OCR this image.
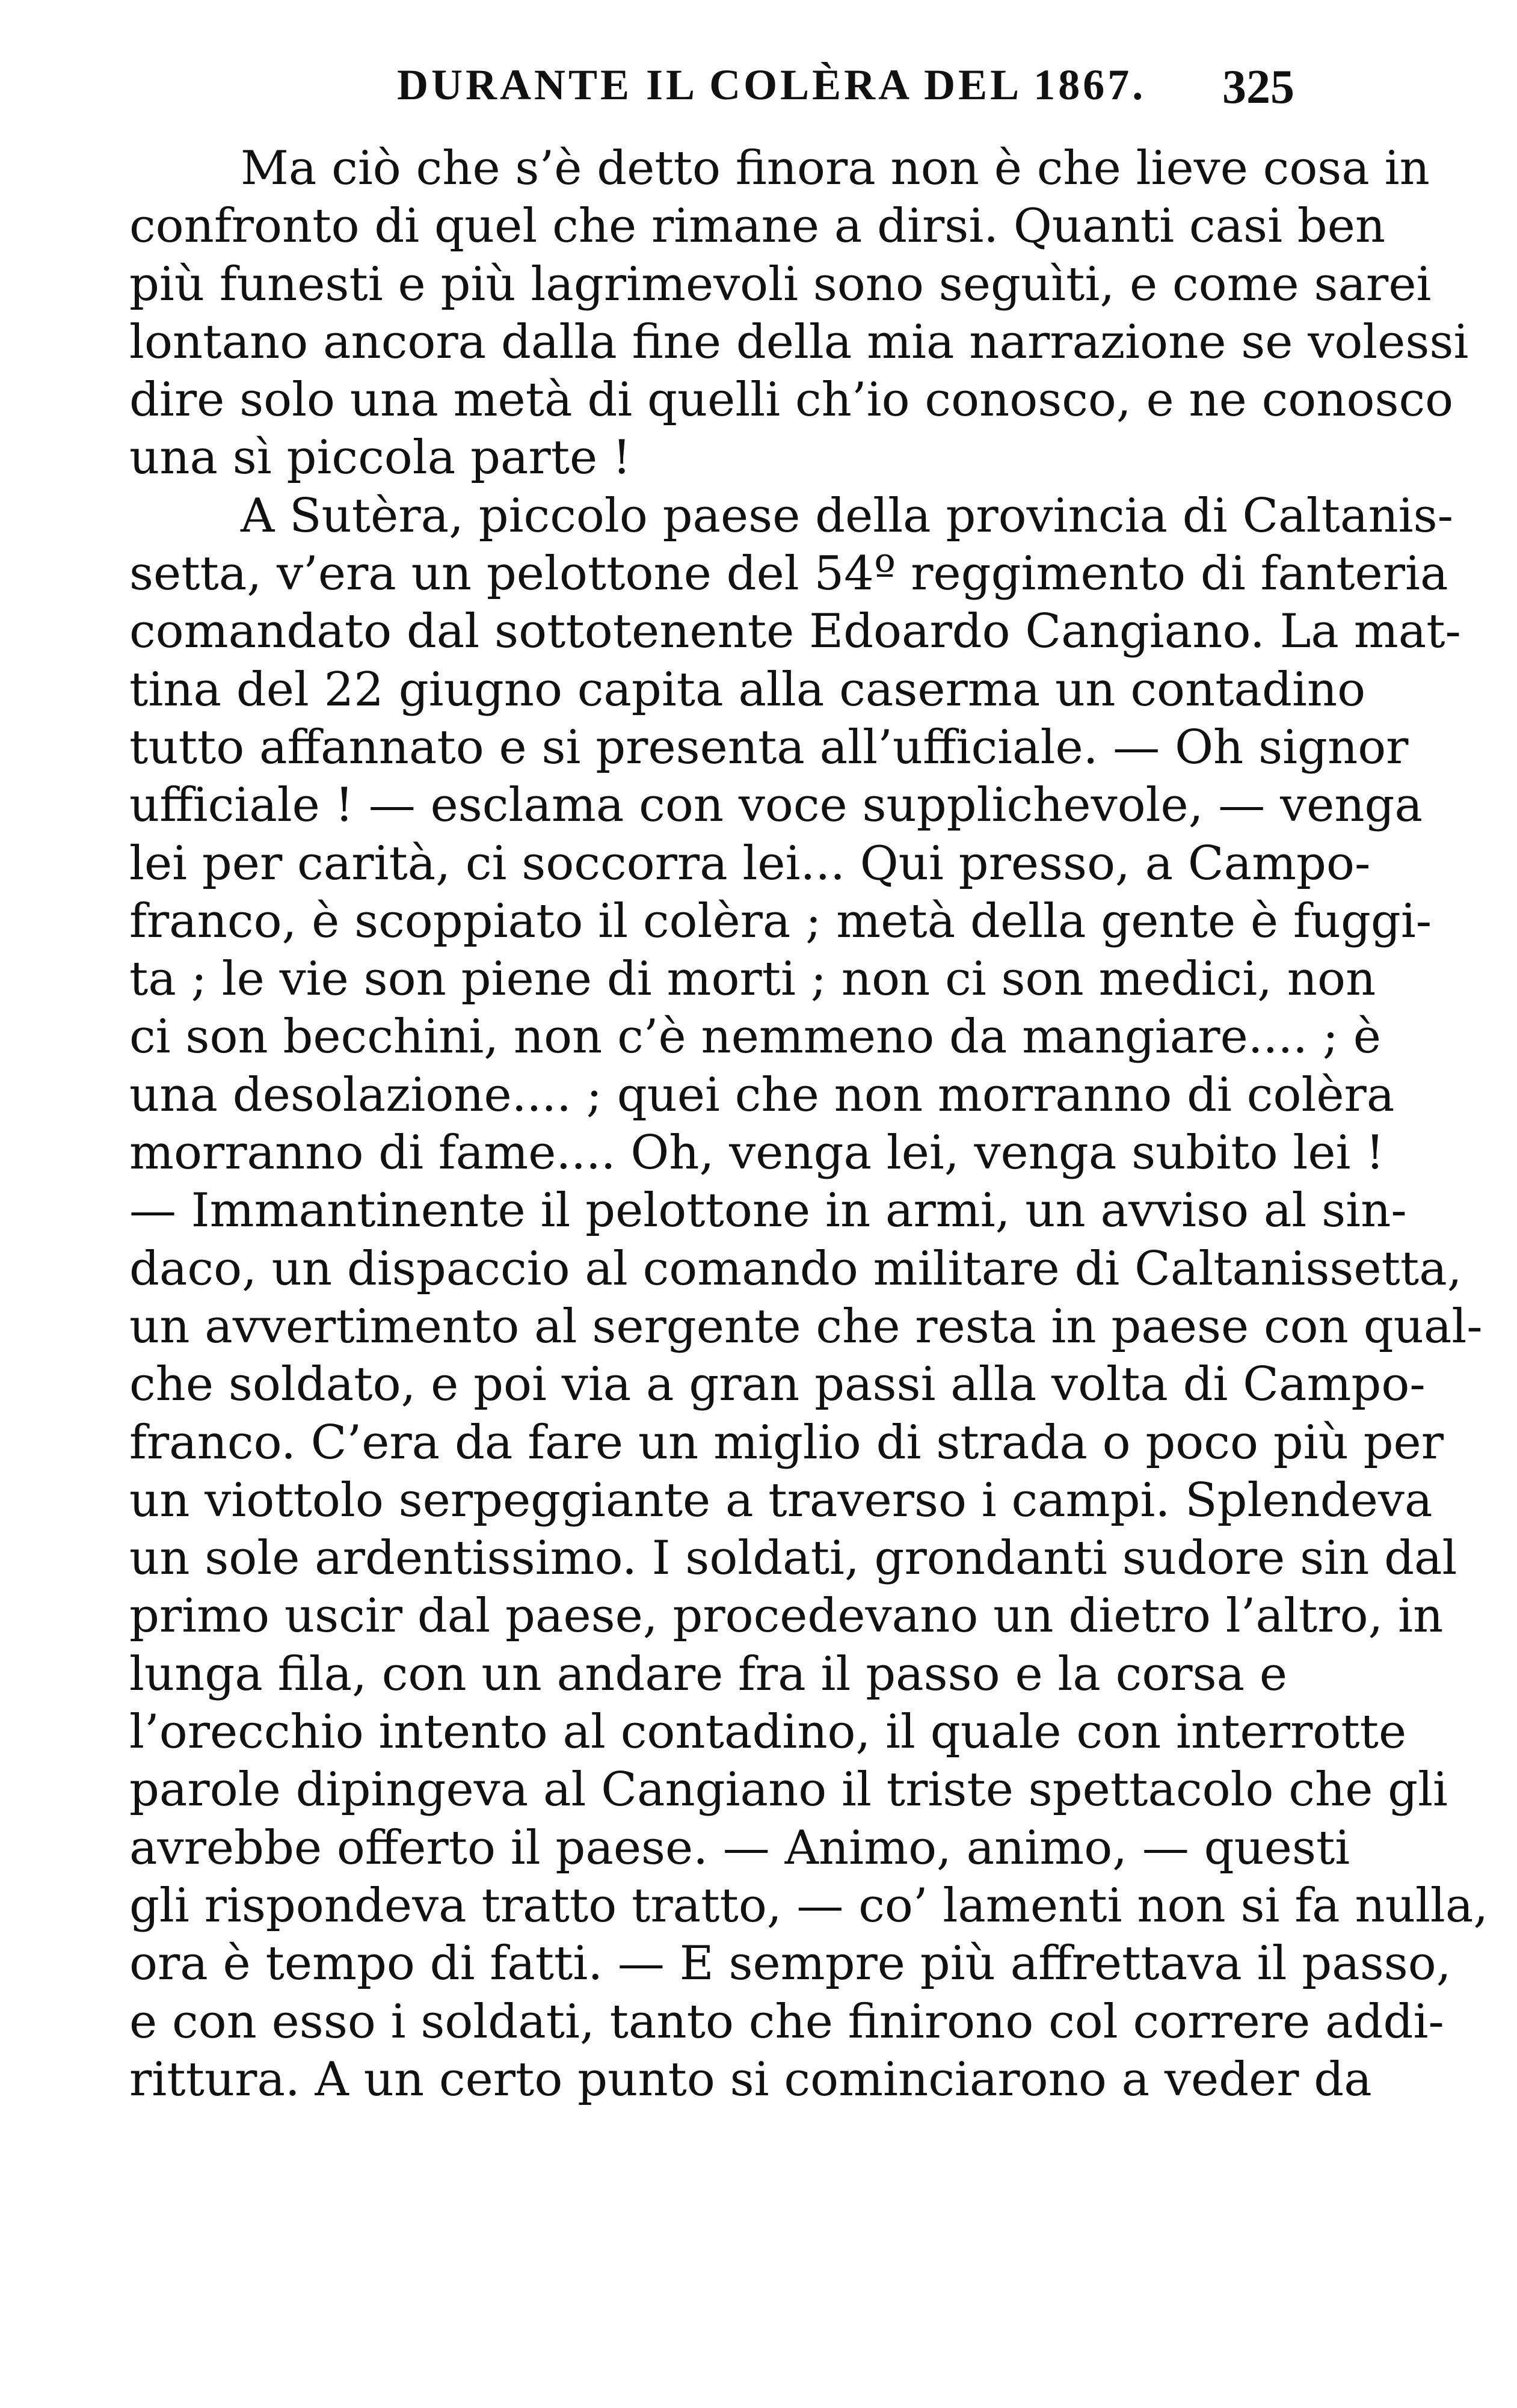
DURANTE IL COLÈRA DEL 1867. 325
Ma ciò che s’è detto finora non è che lieve cosa in
confronto di quel che rimane a dirsi. Quanti casi ben
più funesti e più lagrimevoli sono seguìti, e come sarei
lontano ancora dalla fine della mia narrazione se volessi
dire solo una metà di quelli ch’io conosco, e ne conosco
una sì piccola parte !
A Sutèra, piccolo paese della provincia di Caltanis-
setta, v’era un pelottone del 54º reggimento di fanteria
comandato dal sottotenente Edoardo Cangiano. La mat-
tina del 22 giugno capita alla caserma un contadino
tutto affannato e si presenta all’ufficiale. — Oh signor
ufficiale ! — esclama con voce supplichevole, — venga
lei per carità, ci soccorra lei... Qui presso, a Campo-
franco, è scoppiato il colèra ; metà della gente è fuggi-
ta ; le vie son piene di morti ; non ci son medici, non
ci son becchini, non c’è nemmeno da mangiare.... ; è
una desolazione.... ; quei che non morranno di colèra
morranno di fame.... Oh, venga lei, venga subito lei !
— Immantinente il pelottone in armi, un avviso al sin-
daco, un dispaccio al comando militare di Caltanissetta,
un avvertimento al sergente che resta in paese con qual-
che soldato, e poi via a gran passi alla volta di Campo-
franco. C’era da fare un miglio di strada o poco più per
un viottolo serpeggiante a traverso i campi. Splendeva
un sole ardentissimo. I soldati, grondanti sudore sin dal
primo uscir dal paese, procedevano un dietro l’altro, in
lunga fila, con un andare fra il passo e la corsa e
l’orecchio intento al contadino, il quale con interrotte
parole dipingeva al Cangiano il triste spettacolo che gli
avrebbe offerto il paese. — Animo, animo, — questi
gli rispondeva tratto tratto, — co’ lamenti non si fa nulla,
ora è tempo di fatti. — E sempre più affrettava il passo,
e con esso i soldati, tanto che finirono col correre addi-
rittura. A un certo punto si cominciarono a veder da
